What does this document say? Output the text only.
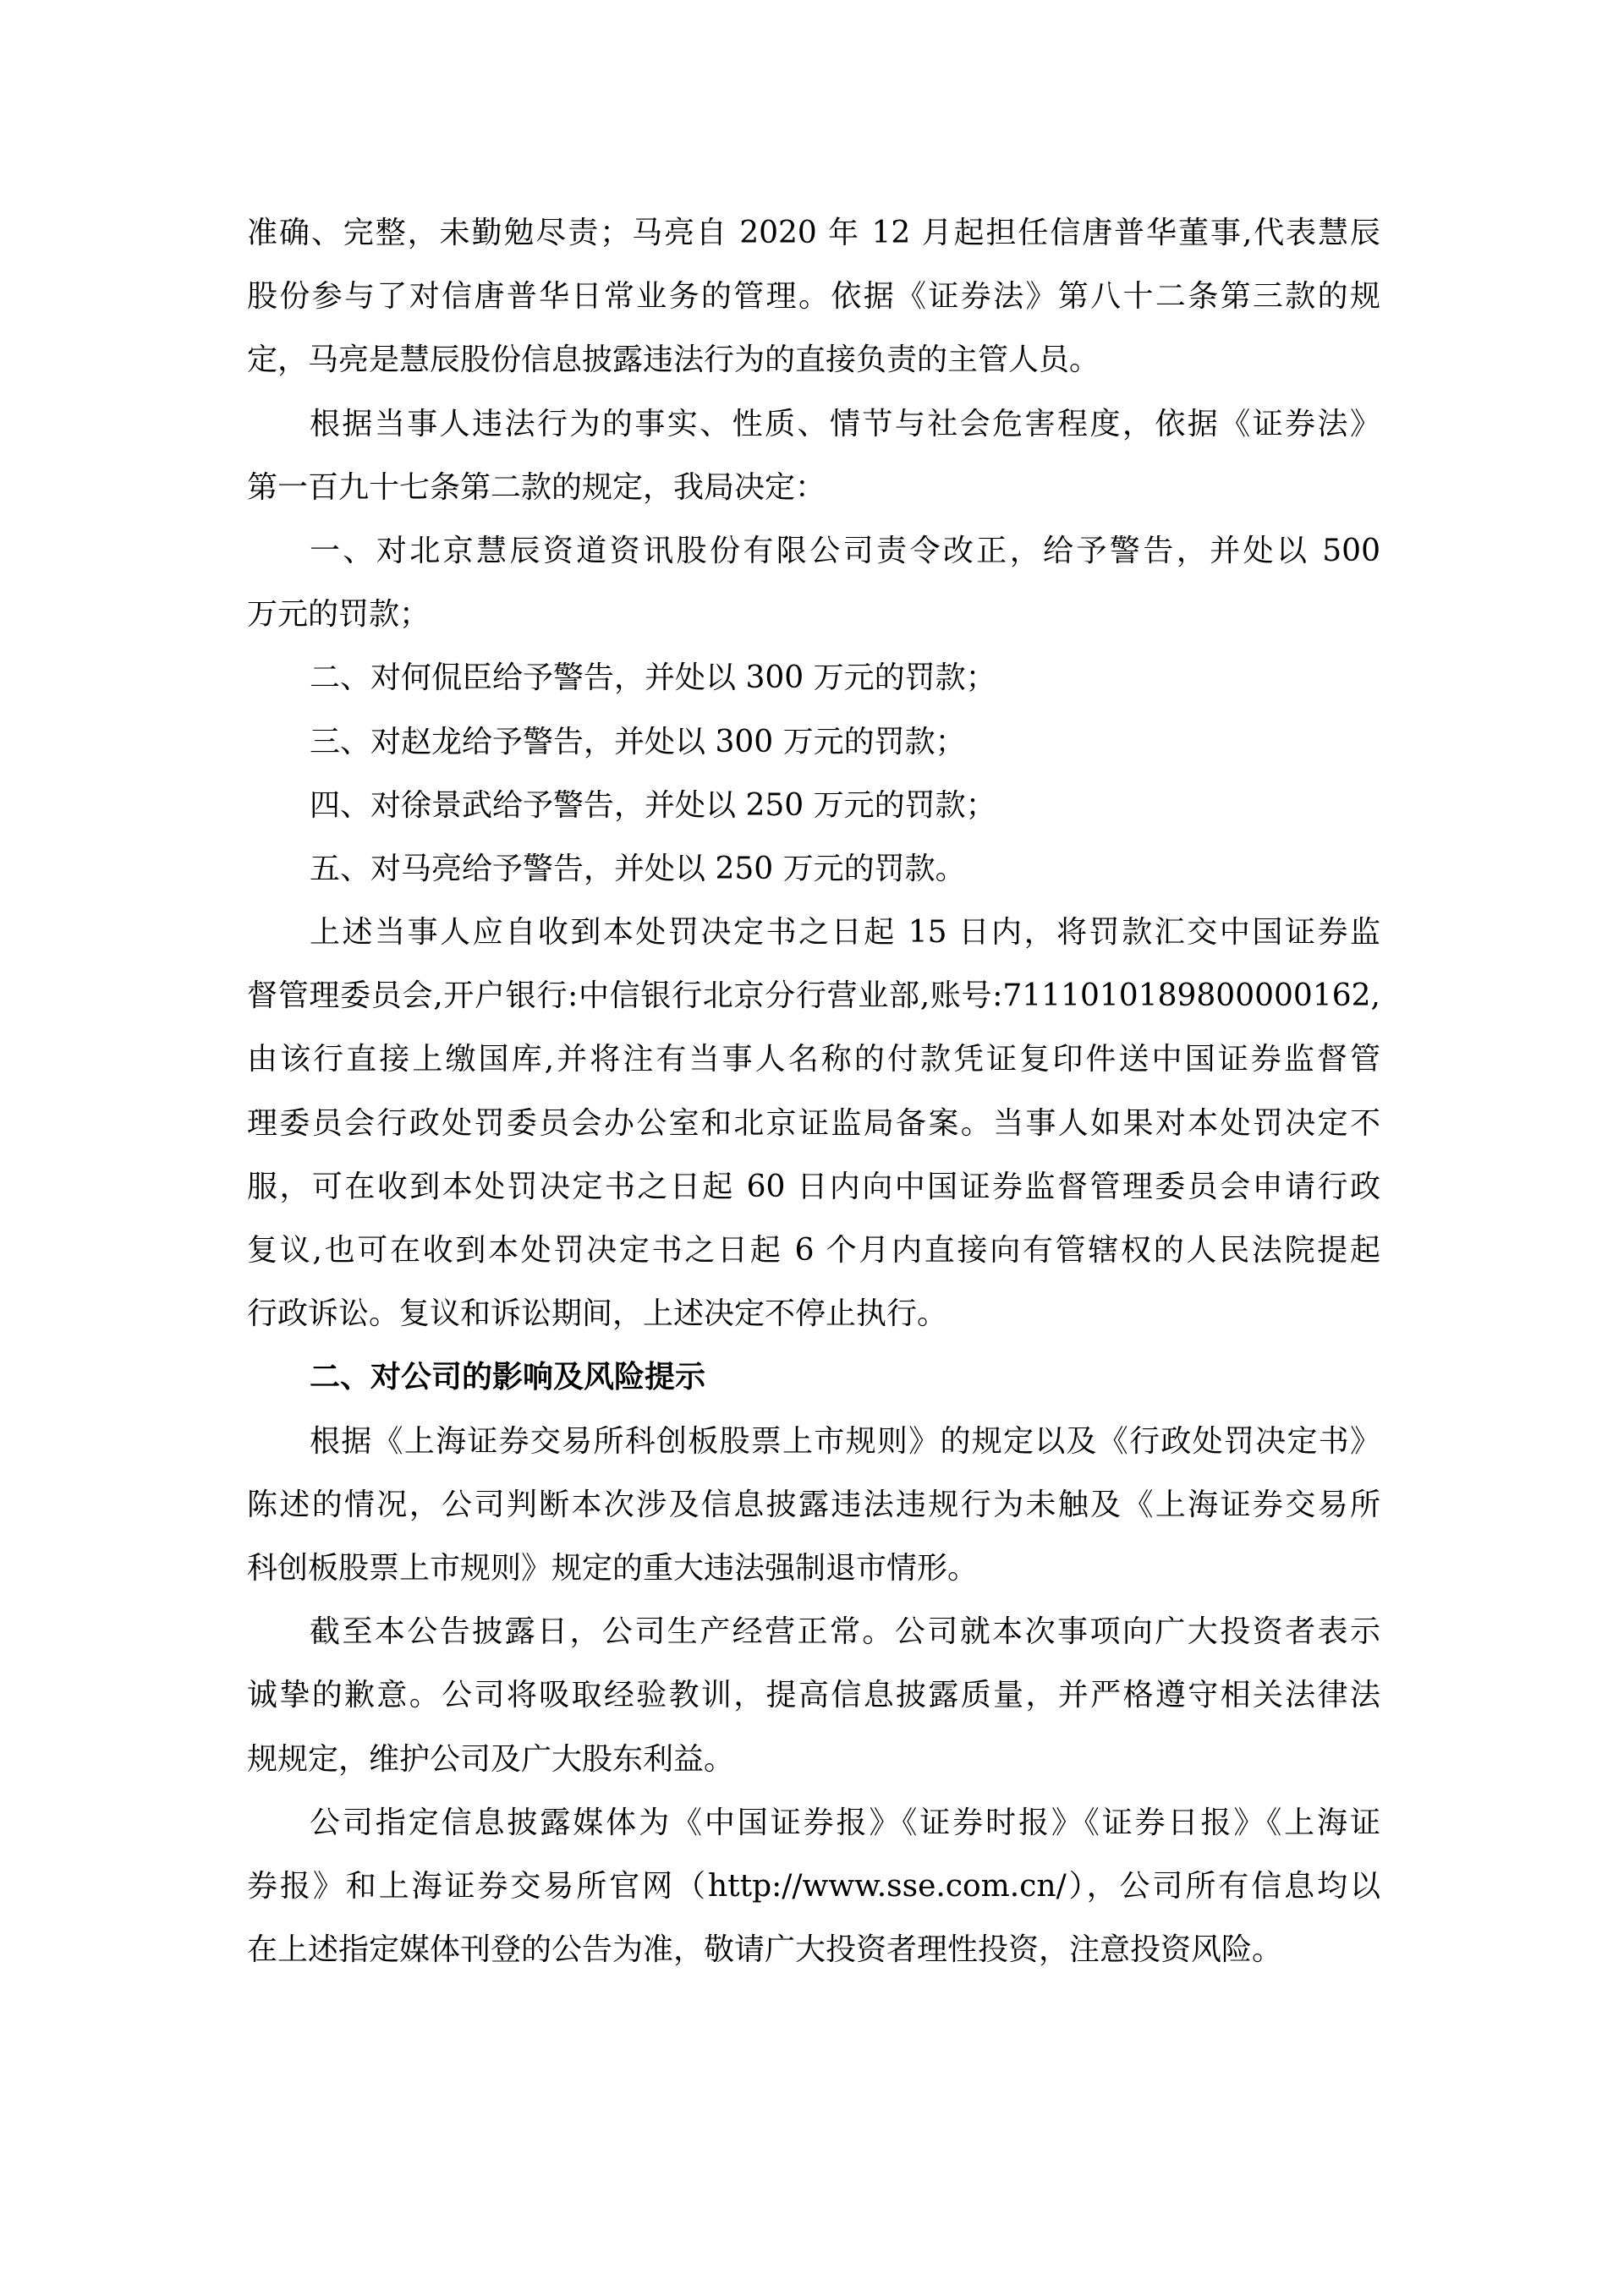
准确、完整，未勤勉尽责；马亮自 2020 年 12 月起担任信唐普华董事,代表慧辰
股份参与了对信唐普华日常业务的管理。依据《证券法》第八十二条第三款的规
定，马亮是慧辰股份信息披露违法行为的直接负责的主管人员。
根据当事人违法行为的事实、性质、情节与社会危害程度，依据《证券法》
第一百九十七条第二款的规定，我局决定：
一、对北京慧辰资道资讯股份有限公司责令改正，给予警告，并处以 500
万元的罚款；
二、对何侃臣给予警告，并处以 300 万元的罚款；
三、对赵龙给予警告，并处以 300 万元的罚款；
四、对徐景武给予警告，并处以 250 万元的罚款；
五、对马亮给予警告，并处以 250 万元的罚款。
上述当事人应自收到本处罚决定书之日起 15 日内，将罚款汇交中国证券监
督管理委员会,开户银行:中信银行北京分行营业部,账号:7111010189800000162,
由该行直接上缴国库,并将注有当事人名称的付款凭证复印件送中国证券监督管
理委员会行政处罚委员会办公室和北京证监局备案。当事人如果对本处罚决定不
服，可在收到本处罚决定书之日起 60 日内向中国证券监督管理委员会申请行政
复议,也可在收到本处罚决定书之日起 6 个月内直接向有管辖权的人民法院提起
行政诉讼。复议和诉讼期间，上述决定不停止执行。
二、对公司的影响及风险提示
根据《上海证券交易所科创板股票上市规则》的规定以及《行政处罚决定书》
陈述的情况，公司判断本次涉及信息披露违法违规行为未触及《上海证券交易所
科创板股票上市规则》规定的重大违法强制退市情形。
截至本公告披露日，公司生产经营正常。公司就本次事项向广大投资者表示
诚挚的歉意。公司将吸取经验教训，提高信息披露质量，并严格遵守相关法律法
规规定，维护公司及广大股东利益。
公司指定信息披露媒体为《中国证券报》《证券时报》《证券日报》《上海证
券报》和上海证券交易所官网（http://www.sse.com.cn/），公司所有信息均以
在上述指定媒体刊登的公告为准，敬请广大投资者理性投资，注意投资风险。
